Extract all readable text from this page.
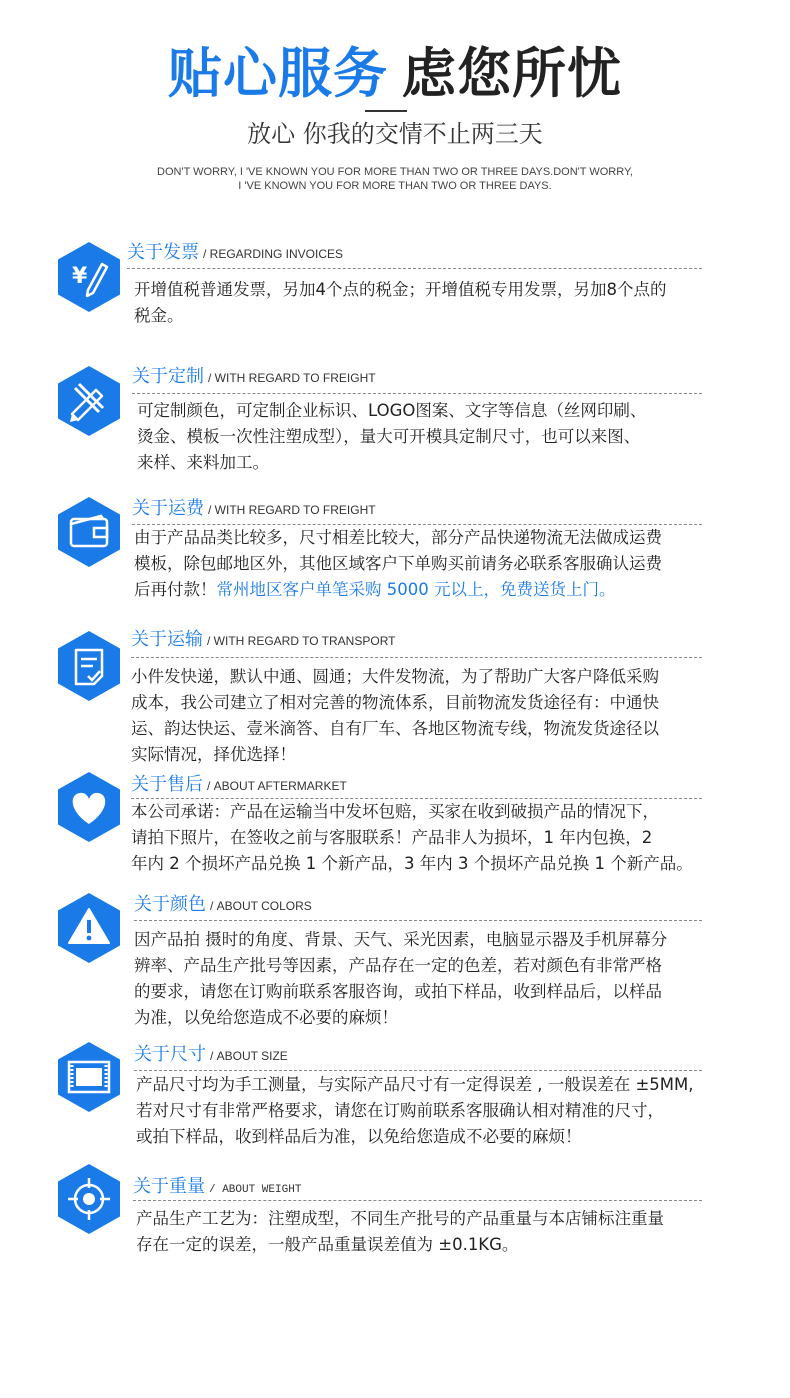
贴心服务 虑您所忧
放心 你我的交情不止两三天
DON'T WORRY, I 'VE KNOWN YOU FOR MORE THAN TWO OR THREE DAYS.DON'T WORRY,
I 'VE KNOWN YOU FOR MORE THAN TWO OR THREE DAYS.
¥
关于发票 / REGARDING INVOICES
开增值税普通发票，另加4个点的税金；开增值税专用发票，另加8个点的
税金。
关于定制 / WITH REGARD TO FREIGHT
可定制颜色，可定制企业标识、LOGO图案、文字等信息（丝网印刷、
烫金、模板一次性注塑成型），量大可开模具定制尺寸，也可以来图、
来样、来料加工。
关于运费 / WITH REGARD TO FREIGHT
由于产品品类比较多，尺寸相差比较大，部分产品快递物流无法做成运费
模板，除包邮地区外，其他区域客户下单购买前请务必联系客服确认运费
后再付款！常州地区客户单笔采购 5000 元以上，免费送货上门。
关于运输 / WITH REGARD TO TRANSPORT
小件发快递，默认中通、圆通；大件发物流，为了帮助广大客户降低采购
成本，我公司建立了相对完善的物流体系，目前物流发货途径有：中通快
运、韵达快运、壹米滴答、自有厂车、各地区物流专线，物流发货途径以
实际情况，择优选择！
关于售后 / ABOUT AFTERMARKET
本公司承诺：产品在运输当中发坏包赔，买家在收到破损产品的情况下，
请拍下照片，在签收之前与客服联系！产品非人为损坏，1 年内包换，2
年内 2 个损坏产品兑换 1 个新产品，3 年内 3 个损坏产品兑换 1 个新产品。
关于颜色 / ABOUT COLORS
因产品拍 摄时的角度、背景、天气、采光因素，电脑显示器及手机屏幕分
辨率、产品生产批号等因素，产品存在一定的色差，若对颜色有非常严格
的要求，请您在订购前联系客服咨询，或拍下样品，收到样品后，以样品
为准，以免给您造成不必要的麻烦！
关于尺寸 / ABOUT SIZE
产品尺寸均为手工测量，与实际产品尺寸有一定得误差 , 一般误差在 ±5MM,
若对尺寸有非常严格要求，请您在订购前联系客服确认相对精准的尺寸，
或拍下样品，收到样品后为准，以免给您造成不必要的麻烦！
关于重量 / ABOUT WEIGHT
产品生产工艺为：注塑成型，不同生产批号的产品重量与本店铺标注重量
存在一定的误差，一般产品重量误差值为 ±0.1KG。
